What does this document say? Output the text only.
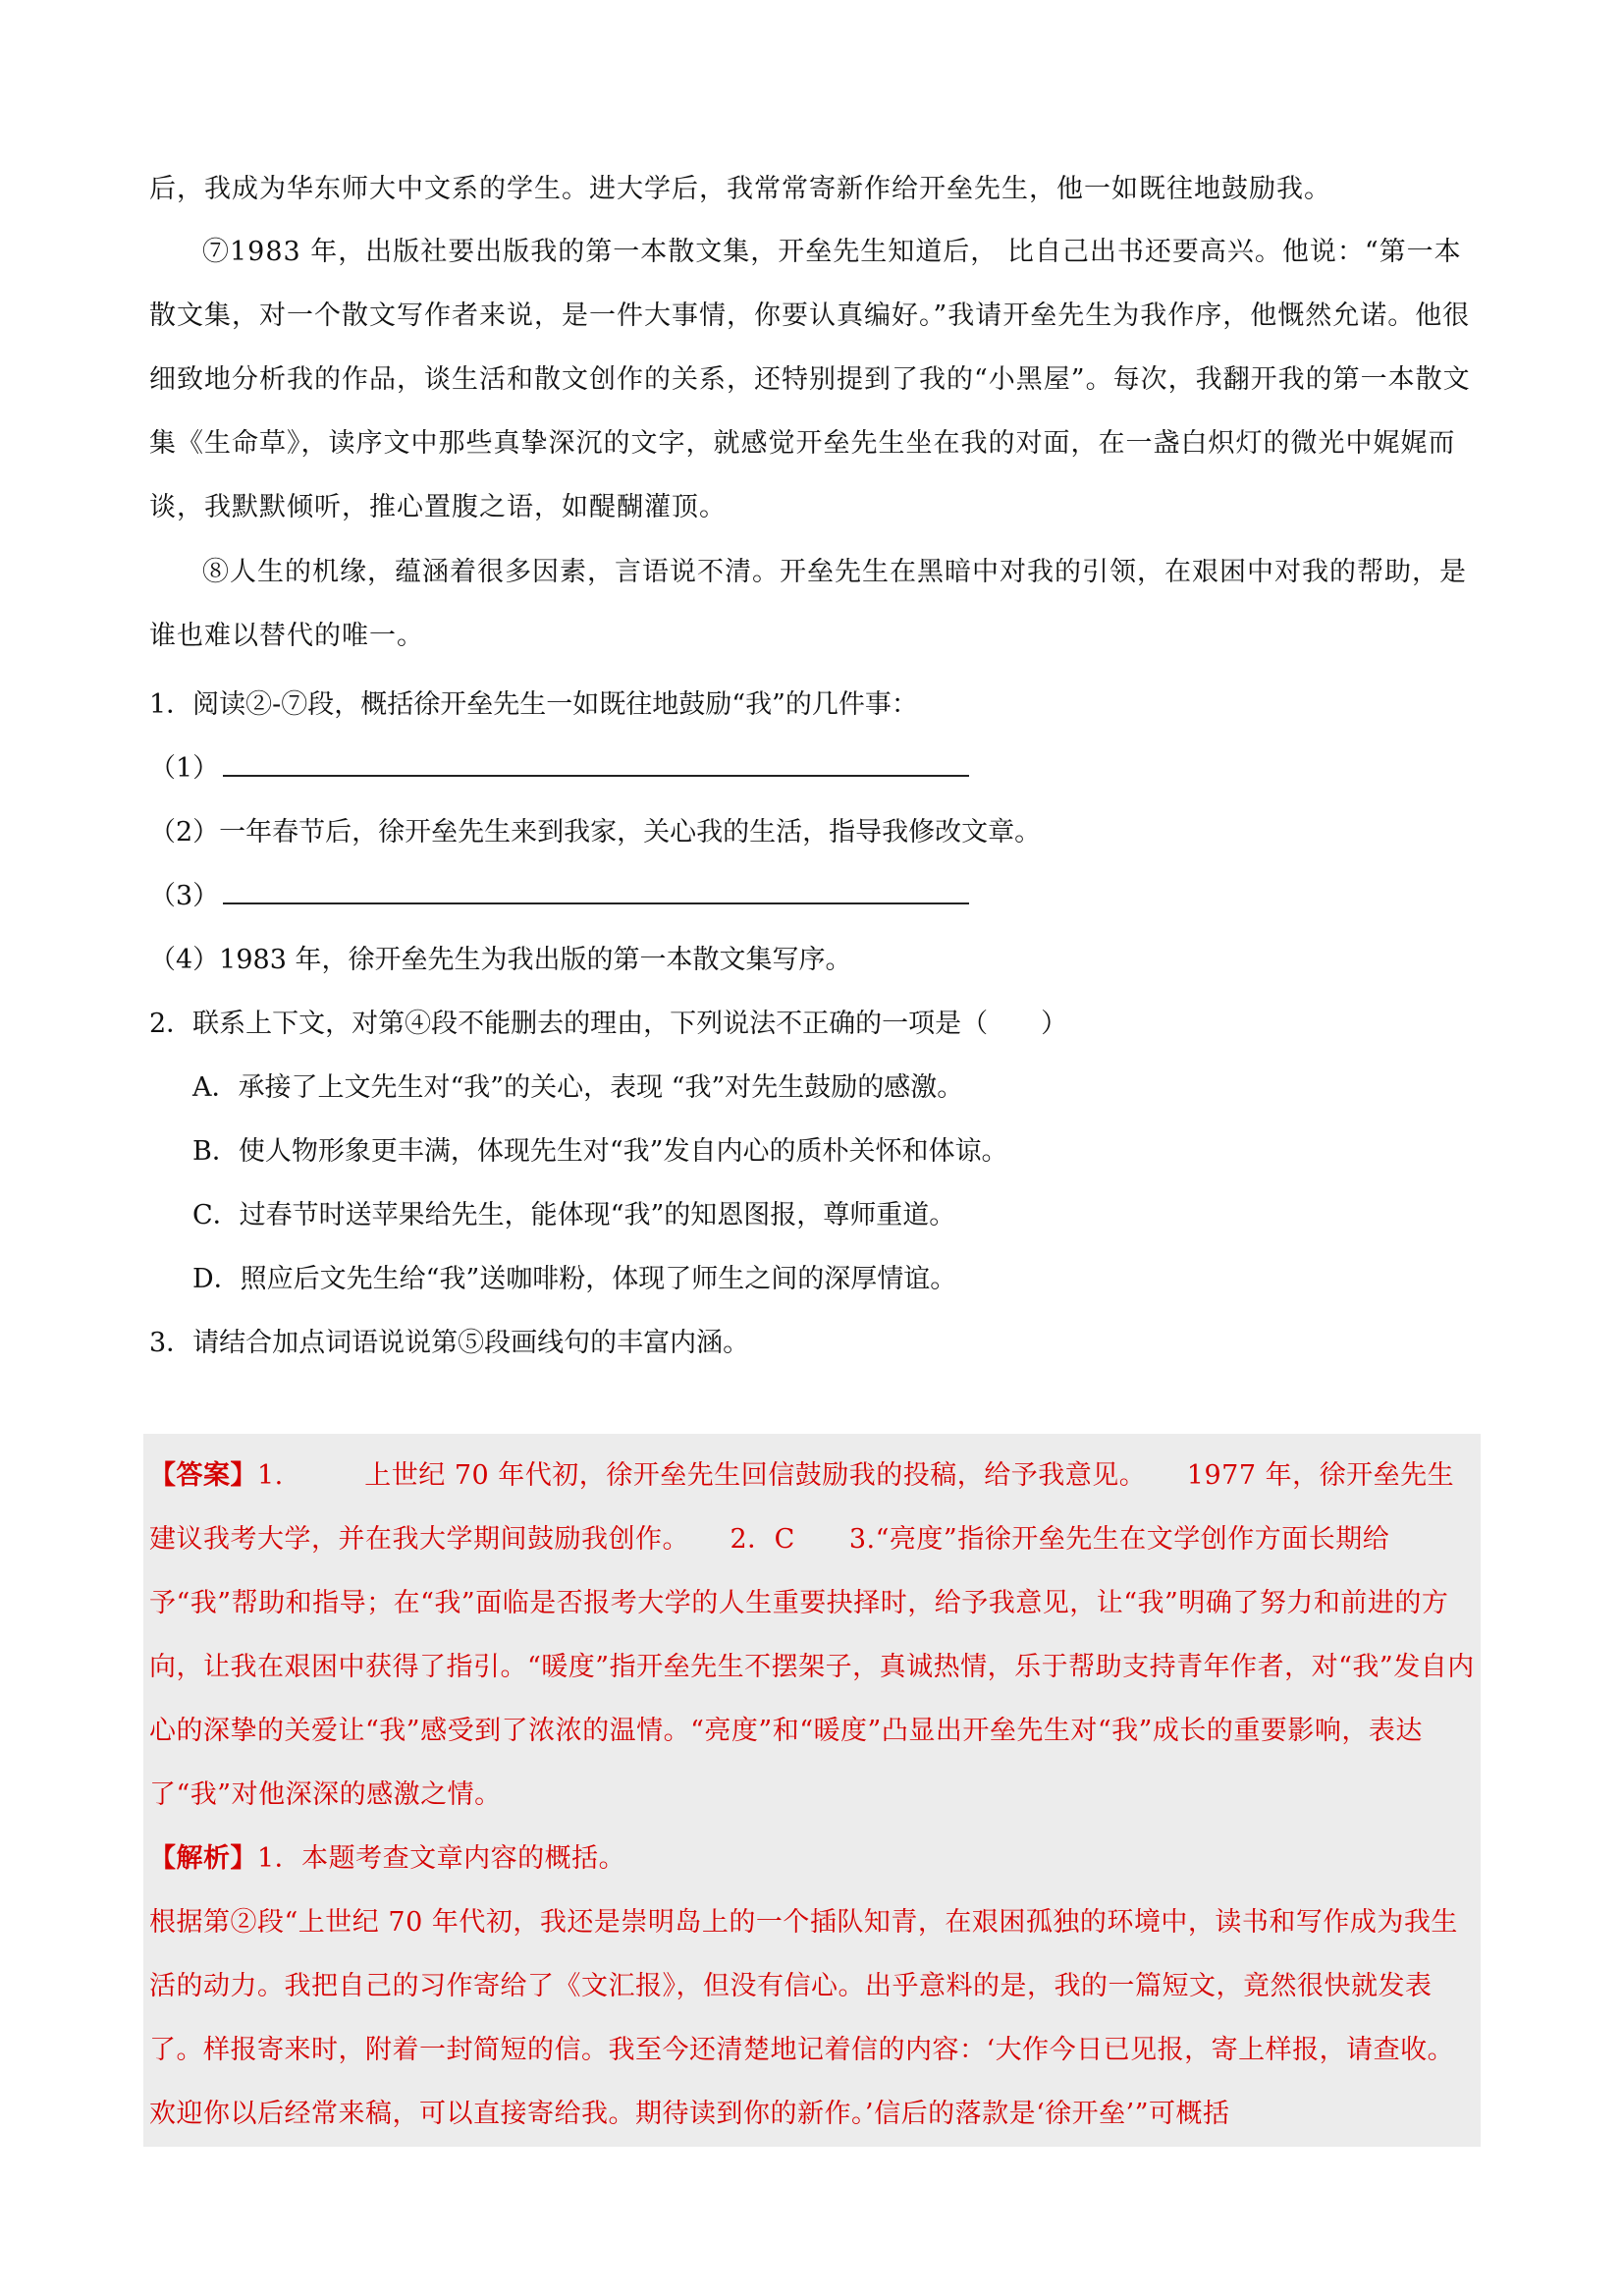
后，我成为华东师大中文系的学生。进大学后，我常常寄新作给开垒先生，他一如既往地鼓励我。

⑦1983 年，出版社要出版我的第一本散文集，开垒先生知道后， 比自己出书还要高兴。他说：“第一本散文集，对一个散文写作者来说，是一件大事情，你要认真编好。”我请开垒先生为我作序，他慨然允诺。他很细致地分析我的作品，谈生活和散文创作的关系，还特别提到了我的“小黑屋”。每次，我翻开我的第一本散文集《生命草》，读序文中那些真挚深沉的文字，就感觉开垒先生坐在我的对面，在一盏白炽灯的微光中娓娓而谈，我默默倾听，推心置腹之语，如醍醐灌顶。

⑧人生的机缘，蕴涵着很多因素，言语说不清。开垒先生在黑暗中对我的引领，在艰困中对我的帮助，是谁也难以替代的唯一。

1．阅读②-⑦段，概括徐开垒先生一如既往地鼓励“我”的几件事：

（1）

（2）一年春节后，徐开垒先生来到我家，关心我的生活，指导我修改文章。

（3）

（4）1983 年，徐开垒先生为我出版的第一本散文集写序。

2．联系上下文，对第④段不能删去的理由，下列说法不正确的一项是（　　）

A．承接了上文先生对“我”的关心，表现 “我”对先生鼓励的感激。

B．使人物形象更丰满，体现先生对“我”发自内心的质朴关怀和体谅。

C．过春节时送苹果给先生，能体现“我”的知恩图报，尊师重道。

D．照应后文先生给“我”送咖啡粉，体现了师生之间的深厚情谊。

3．请结合加点词语说说第⑤段画线句的丰富内涵。

【答案】1.　　　上世纪 70 年代初，徐开垒先生回信鼓励我的投稿，给予我意见。　　1977 年，徐开垒先生建议我考大学，并在我大学期间鼓励我创作。　　2．C　　3.“亮度”指徐开垒先生在文学创作方面长期给予“我”帮助和指导；在“我”面临是否报考大学的人生重要抉择时，给予我意见，让“我”明确了努力和前进的方向，让我在艰困中获得了指引。“暖度”指开垒先生不摆架子，真诚热情，乐于帮助支持青年作者，对“我”发自内心的深挚的关爱让“我”感受到了浓浓的温情。“亮度”和“暖度”凸显出开垒先生对“我”成长的重要影响，表达了“我”对他深深的感激之情。

【解析】1．本题考查文章内容的概括。

根据第②段“上世纪 70 年代初，我还是崇明岛上的一个插队知青，在艰困孤独的环境中，读书和写作成为我生活的动力。我把自己的习作寄给了《文汇报》，但没有信心。出乎意料的是，我的一篇短文，竟然很快就发表了。样报寄来时，附着一封简短的信。我至今还清楚地记着信的内容：‘大作今日已见报，寄上样报，请查收。欢迎你以后经常来稿，可以直接寄给我。期待读到你的新作。’信后的落款是‘徐开垒’”可概括
